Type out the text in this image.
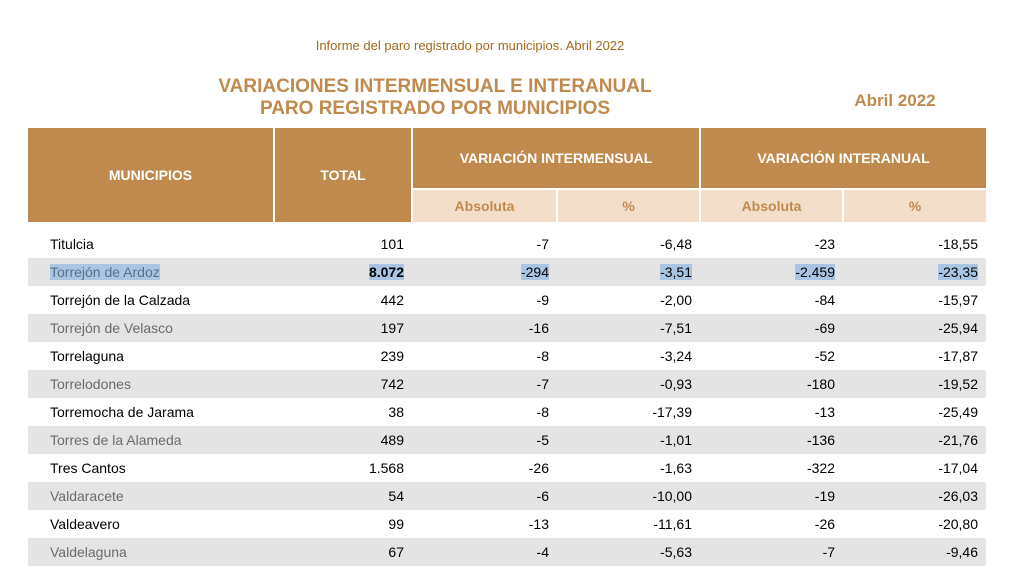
Informe del paro registrado por municipios. Abril 2022
VARIACIONES INTERMENSUAL E INTERANUAL
PARO REGISTRADO POR MUNICIPIOS	Abril 2022
MUNICIPIOS	TOTAL	VARIACIÓN INTERMENSUAL		VARIACIÓN INTERANUAL	
		Absoluta	%	Absoluta	%

Titulcia	101	-7	-6,48	-23	-18,55
Torrejón de Ardoz	8.072	-294	-3,51	-2.459	-23,35
Torrejón de la Calzada	442	-9	-2,00	-84	-15,97
Torrejón de Velasco	197	-16	-7,51	-69	-25,94
Torrelaguna	239	-8	-3,24	-52	-17,87
Torrelodones	742	-7	-0,93	-180	-19,52
Torremocha de Jarama	38	-8	-17,39	-13	-25,49
Torres de la Alameda	489	-5	-1,01	-136	-21,76
Tres Cantos	1.568	-26	-1,63	-322	-17,04
Valdaracete	54	-6	-10,00	-19	-26,03
Valdeavero	99	-13	-11,61	-26	-20,80
Valdelaguna	67	-4	-5,63	-7	-9,46
